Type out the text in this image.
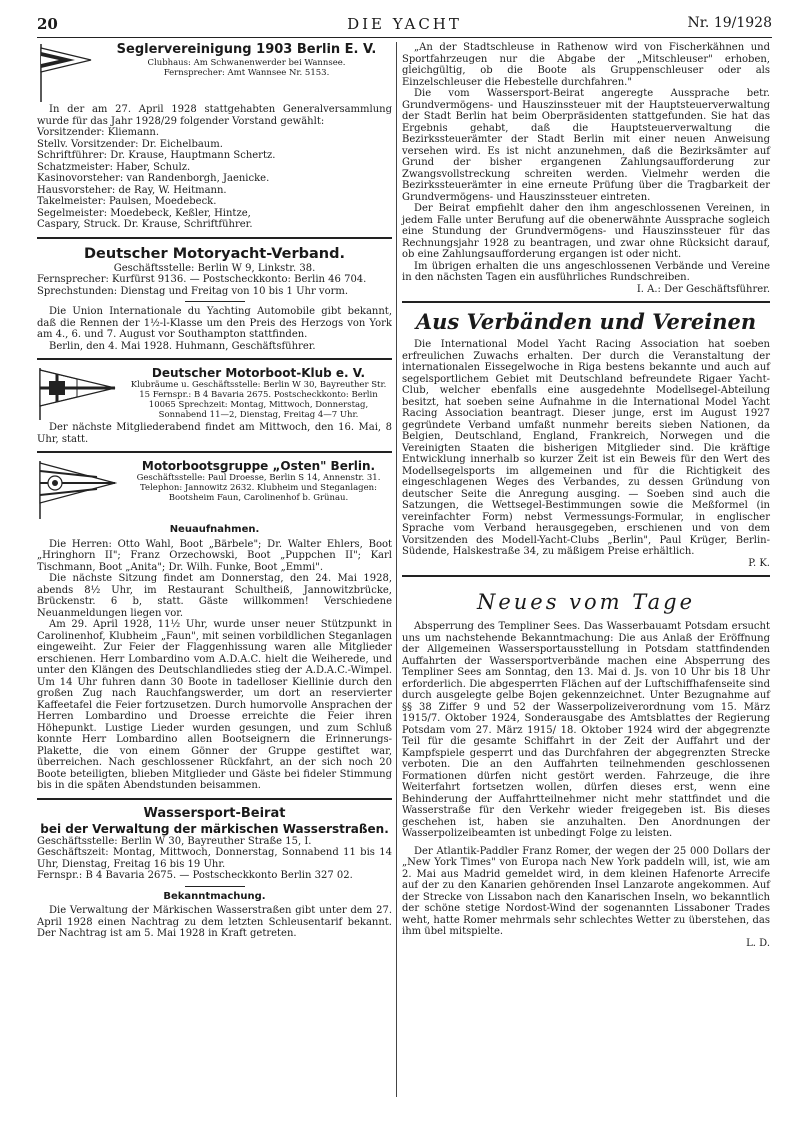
20	DIE YACHT	Nr. 19/1928
Seglervereinigung 1903 Berlin E. V.
Clubhaus: Am Schwanenwerder bei Wannsee.
Fernsprecher: Amt Wannsee Nr. 5153.

In der am 27. April 1928 stattgehabten Generalversammlung wurde für das Jahr 1928/29 folgender Vorstand gewählt:

Vorsitzender: Kliemann.
Stellv. Vorsitzender: Dr. Eichelbaum.
Schriftführer: Dr. Krause, Hauptmann Schertz.
Schatzmeister: Haber, Schulz.
Kasinovorsteher: van Randenborgh, Jaenicke.
Hausvorsteher: de Ray, W. Heitmann.
Takelmeister: Paulsen, Moedebeck.
Segelmeister: Moedebeck, Keßler, Hintze,
Caspary, Struck. Dr. Krause, Schriftführer.
Deutscher Motoryacht-Verband.
Geschäftsstelle: Berlin W 9, Linkstr. 38.
Fernsprecher: Kurfürst 9136. — Postscheckkonto: Berlin 46 704.
Sprechstunden: Dienstag und Freitag von 10 bis 1 Uhr vorm.

Die Union Internationale du Yachting Automobile gibt bekannt, daß die Rennen der 1½-l-Klasse um den Preis des Herzogs von York am 4., 6. und 7. August vor Southampton stattfinden.

Berlin, den 4. Mai 1928. Huhmann, Geschäftsführer.

Deutscher Motorboot-Klub e. V.
Klubräume u. Geschäftsstelle: Berlin W 30, Bayreuther Str. 15 Fernspr.: B 4 Bavaria 2675. Postscheckkonto: Berlin 10065 Sprechzeit: Montag, Mittwoch, Donnerstag, Sonnabend 11—2, Dienstag, Freitag 4—7 Uhr.

Der nächste Mitgliederabend findet am Mittwoch, den 16. Mai, 8 Uhr, statt.

Motorbootsgruppe „Osten" Berlin.
Geschäftsstelle: Paul Droesse, Berlin S 14, Annenstr. 31. Telephon: Jannowitz 2632. Klubheim und Steganlagen: Bootsheim Faun, Carolinenhof b. Grünau.
Neuaufnahmen.

Die Herren: Otto Wahl, Boot „Bärbele"; Dr. Walter Ehlers, Boot „Hringhorn II"; Franz Orzechowski, Boot „Puppchen II"; Karl Tischmann, Boot „Anita"; Dr. Wilh. Funke, Boot „Emmi".

Die nächste Sitzung findet am Donnerstag, den 24. Mai 1928, abends 8½ Uhr, im Restaurant Schultheiß, Jannowitzbrücke, Brückenstr. 6 b, statt. Gäste willkommen! Verschiedene Neuanmeldungen liegen vor.

Am 29. April 1928, 11½ Uhr, wurde unser neuer Stützpunkt in Carolinenhof, Klubheim „Faun", mit seinen vorbildlichen Steganlagen eingeweiht. Zur Feier der Flaggenhissung waren alle Mitglieder erschienen. Herr Lombardino vom A.D.A.C. hielt die Weiherede, und unter den Klängen des Deutschlandliedes stieg der A.D.A.C.-Wimpel. Um 14 Uhr fuhren dann 30 Boote in tadelloser Kiellinie durch den großen Zug nach Rauchfangswerder, um dort an reservierter Kaffeetafel die Feier fortzusetzen. Durch humorvolle Ansprachen der Herren Lombardino und Droesse erreichte die Feier ihren Höhepunkt. Lustige Lieder wurden gesungen, und zum Schluß konnte Herr Lombardino allen Bootseignern die Erinnerungs-Plakette, die von einem Gönner der Gruppe gestiftet war, überreichen. Nach geschlossener Rückfahrt, an der sich noch 20 Boote beteiligten, blieben Mitglieder und Gäste bei fideler Stimmung bis in die späten Abendstunden beisammen.

Wassersport-Beirat
bei der Verwaltung der märkischen Wasserstraßen.
Geschäftsstelle: Berlin W 30, Bayreuther Straße 15, I.
Geschäftszeit: Montag, Mittwoch, Donnerstag, Sonnabend 11 bis 14 Uhr, Dienstag, Freitag 16 bis 19 Uhr.
Fernspr.: B 4 Bavaria 2675. — Postscheckkonto Berlin 327 02.
Bekanntmachung.

Die Verwaltung der Märkischen Wasserstraßen gibt unter dem 27. April 1928 einen Nachtrag zu dem letzten Schleusentarif bekannt. Der Nachtrag ist am 5. Mai 1928 in Kraft getreten.

„An der Stadtschleuse in Rathenow wird von Fischerkähnen und Sportfahrzeugen nur die Abgabe der „Mitschleuser" erhoben, gleichgültig, ob die Boote als Gruppenschleuser oder als Einzelschleuser die Hebestelle durchfahren."

Die vom Wassersport-Beirat angeregte Aussprache betr. Grundvermögens- und Hauszinssteuer mit der Hauptsteuerverwaltung der Stadt Berlin hat beim Oberpräsidenten stattgefunden. Sie hat das Ergebnis gehabt, daß die Hauptsteuerverwaltung die Bezirkssteuerämter der Stadt Berlin mit einer neuen Anweisung versehen wird. Es ist nicht anzunehmen, daß die Bezirksämter auf Grund der bisher ergangenen Zahlungsaufforderung zur Zwangsvollstreckung schreiten werden. Vielmehr werden die Bezirkssteuerämter in eine erneute Prüfung über die Tragbarkeit der Grundvermögens- und Hauszinssteuer eintreten.

Der Beirat empfiehlt daher den ihm angeschlossenen Vereinen, in jedem Falle unter Berufung auf die obenerwähnte Aussprache sogleich eine Stundung der Grundvermögens- und Hauszinssteuer für das Rechnungsjahr 1928 zu beantragen, und zwar ohne Rücksicht darauf, ob eine Zahlungsaufforderung ergangen ist oder nicht.

Im übrigen erhalten die uns angeschlossenen Verbände und Vereine in den nächsten Tagen ein ausführliches Rundschreiben.

I. A.: Der Geschäftsführer.
Aus Verbänden und Vereinen

Die International Model Yacht Racing Association hat soeben erfreulichen Zuwachs erhalten. Der durch die Veranstaltung der internationalen Eissegelwoche in Riga bestens bekannte und auch auf segelsportlichem Gebiet mit Deutschland befreundete Rigaer Yacht-Club, welcher ebenfalls eine ausgedehnte Modellsegel-Abteilung besitzt, hat soeben seine Aufnahme in die International Model Yacht Racing Association beantragt. Dieser junge, erst im August 1927 gegründete Verband umfaßt nunmehr bereits sieben Nationen, da Belgien, Deutschland, England, Frankreich, Norwegen und die Vereinigten Staaten die bisherigen Mitglieder sind. Die kräftige Entwicklung innerhalb so kurzer Zeit ist ein Beweis für den Wert des Modellsegelsports im allgemeinen und für die Richtigkeit des eingeschlagenen Weges des Verbandes, zu dessen Gründung von deutscher Seite die Anregung ausging. — Soeben sind auch die Satzungen, die Wettsegel-Bestimmungen sowie die Meßformel (in vereinfachter Form) nebst Vermessungs-Formular, in englischer Sprache vom Verband herausgegeben, erschienen und von dem Vorsitzenden des Modell-Yacht-Clubs „Berlin", Paul Krüger, Berlin-Südende, Halskestraße 34, zu mäßigem Preise erhältlich.

P. K.
Neues vom Tage

Absperrung des Templiner Sees. Das Wasserbauamt Potsdam ersucht uns um nachstehende Bekanntmachung: Die aus Anlaß der Eröffnung der Allgemeinen Wassersportausstellung in Potsdam stattfindenden Auffahrten der Wassersportverbände machen eine Absperrung des Templiner Sees am Sonntag, den 13. Mai d. Js. von 10 Uhr bis 18 Uhr erforderlich. Die abgesperrten Flächen auf der Luftschiffhafenseite sind durch ausgelegte gelbe Bojen gekennzeichnet. Unter Bezugnahme auf §§ 38 Ziffer 9 und 52 der Wasserpolizeiverordnung vom 15. März 1915/7. Oktober 1924, Sonderausgabe des Amtsblattes der Regierung Potsdam vom 27. März 1915/ 18. Oktober 1924 wird der abgegrenzte Teil für die gesamte Schiffahrt in der Zeit der Auffahrt und der Kampfspiele gesperrt und das Durchfahren der abgegrenzten Strecke verboten. Die an den Auffahrten teilnehmenden geschlossenen Formationen dürfen nicht gestört werden. Fahrzeuge, die ihre Weiterfahrt fortsetzen wollen, dürfen dieses erst, wenn eine Behinderung der Auffahrtteilnehmer nicht mehr stattfindet und die Wasserstraße für den Verkehr wieder freigegeben ist. Bis dieses geschehen ist, haben sie anzuhalten. Den Anordnungen der Wasserpolizeibeamten ist unbedingt Folge zu leisten.

Der Atlantik-Paddler Franz Romer, der wegen der 25 000 Dollars der „New York Times" von Europa nach New York paddeln will, ist, wie am 2. Mai aus Madrid gemeldet wird, in dem kleinen Hafenorte Arrecife auf der zu den Kanarien gehörenden Insel Lanzarote angekommen. Auf der Strecke von Lissabon nach den Kanarischen Inseln, wo bekanntlich der schöne stetige Nordost-Wind der sogenannten Lissaboner Trades weht, hatte Romer mehrmals sehr schlechtes Wetter zu überstehen, das ihm übel mitspielte.

L. D.
